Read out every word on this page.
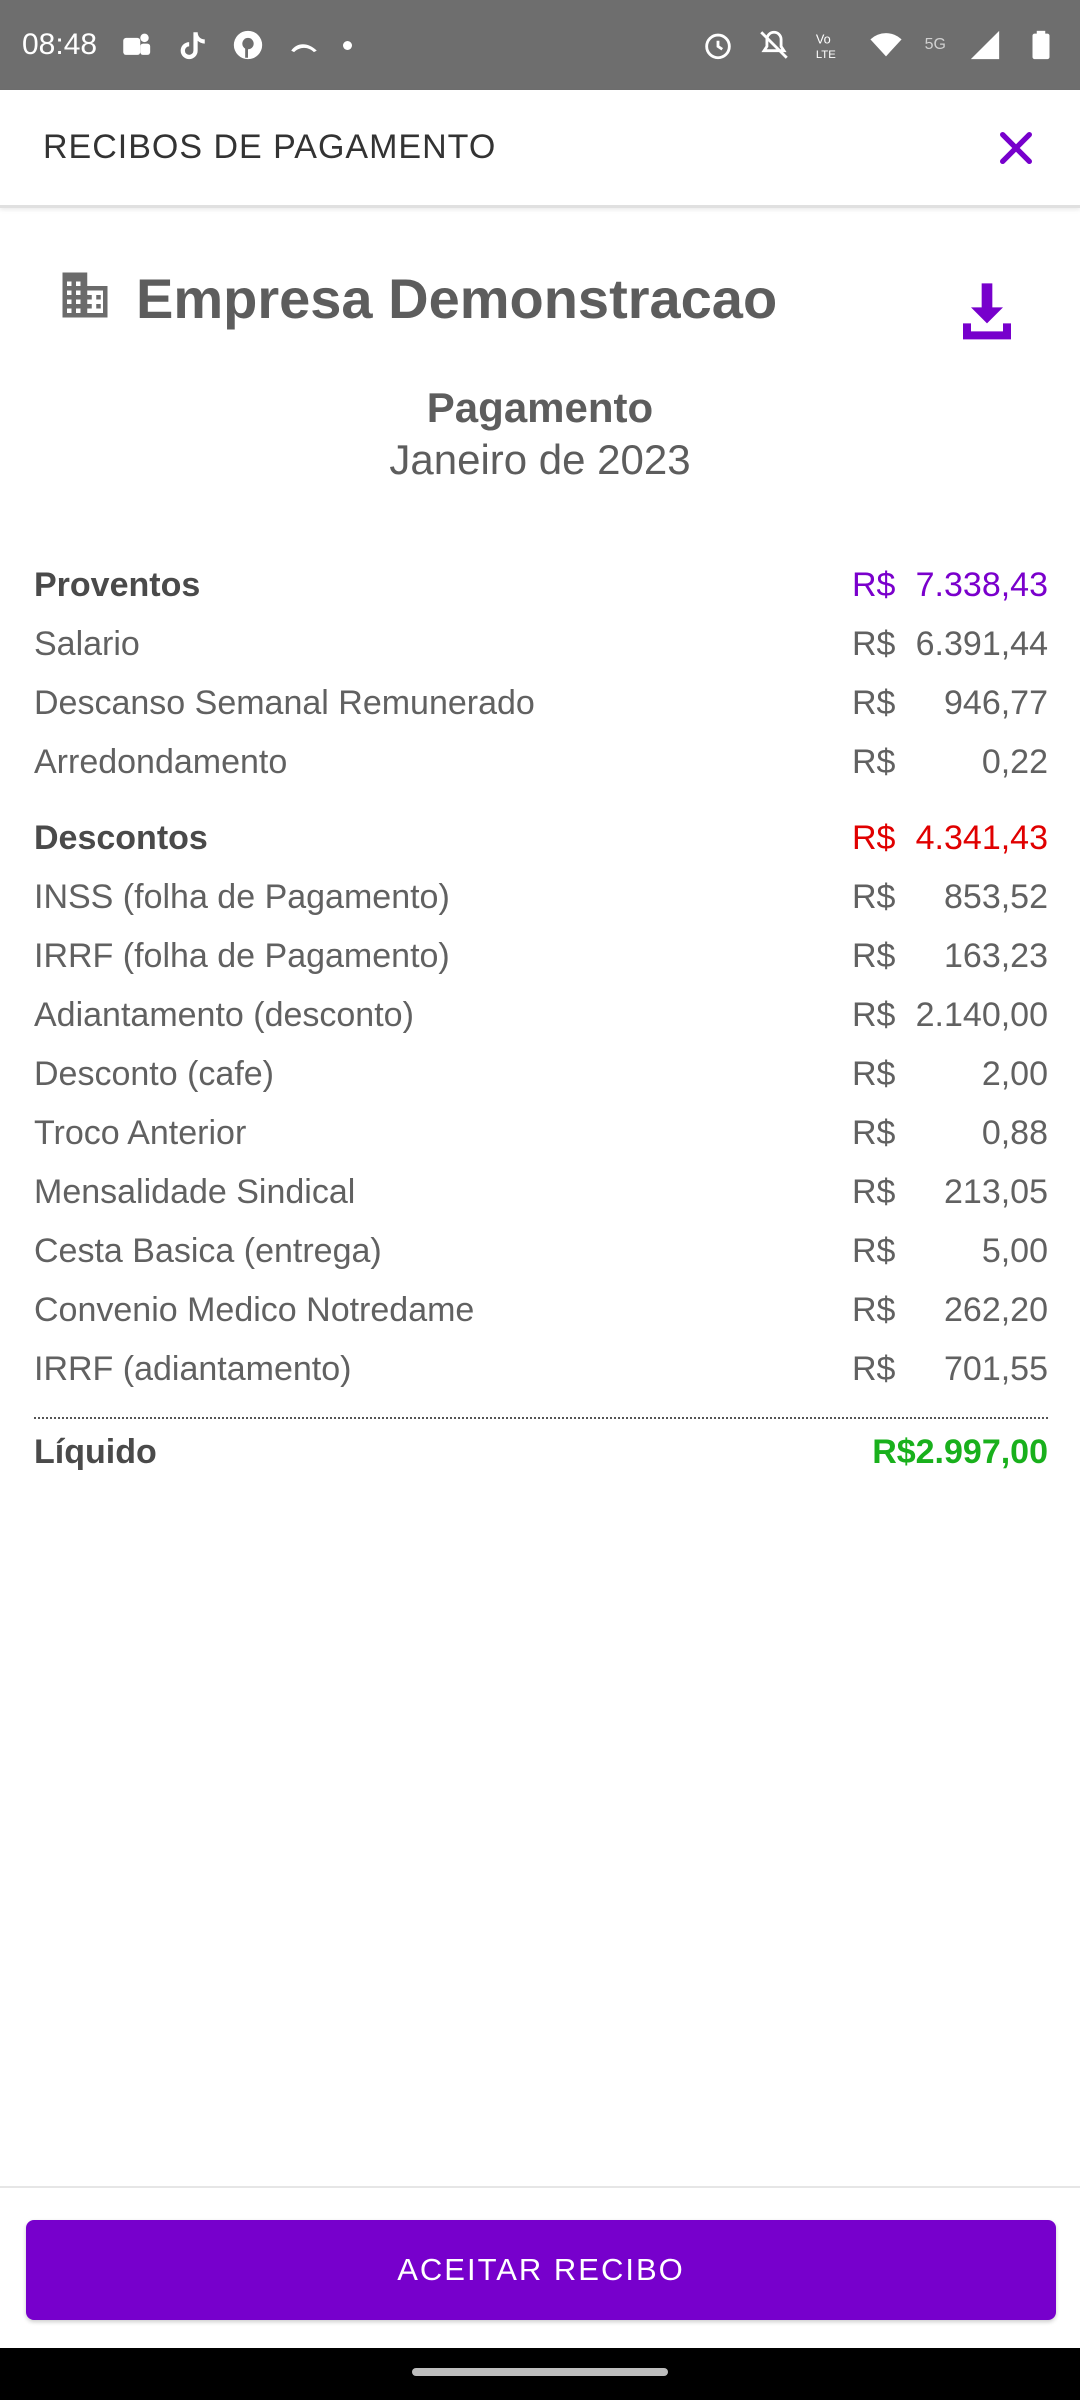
08:48	Vo
LTE
5G
RECIBOS DE PAGAMENTO
Empresa Demonstracao
Pagamento
Janeiro de 2023
Proventos	R$ 7.338,43
Salario	R$ 6.391,44
Descanso Semanal Remunerado	R$ 946,77
Arredondamento	R$	0,22
Descontos	R$ 4.341,43
INSS (folha de Pagamento)	R$ 853,52
IRRF (folha de Pagamento)	R$ 163,23
Adiantamento (desconto)	R$ 2.140,00
Desconto (cafe)	R$	2,00
Troco Anterior	R$	0,88
Mensalidade Sindical	R$ 213,05
Cesta Basica (entrega)	R$	5,00
Convenio Medico Notredame	R$ 262,20
IRRF (adiantamento)	R$ 701,55
Líquido	R$2.997,00
ACEITAR RECIBO
